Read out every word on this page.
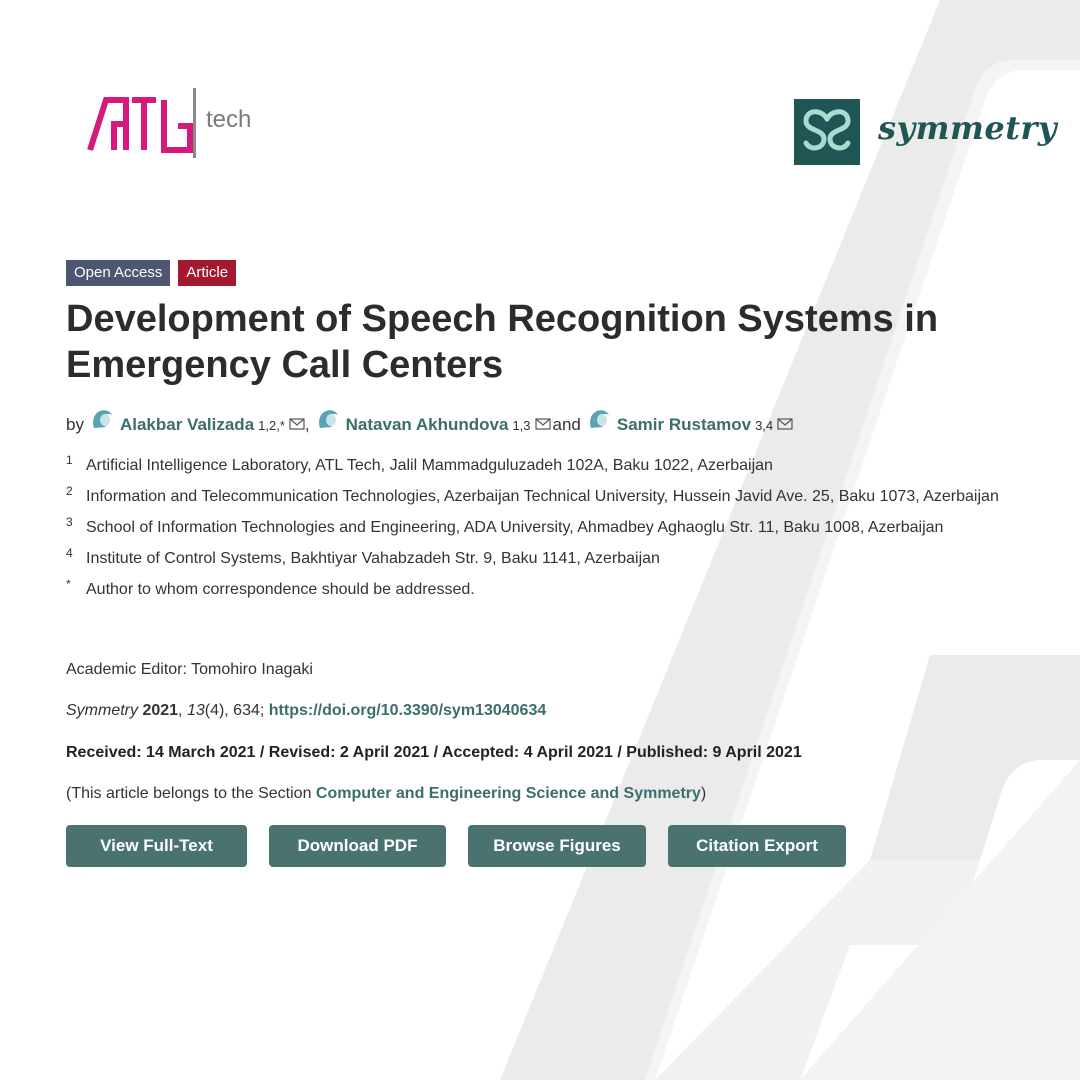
tech	symmetry
Open Access	Article
Development of Speech Recognition Systems in Emergency Call Centers
by Alakbar Valizada 1,2,* , Natavan Akhundova 1,3 and Samir Rustamov 3,4
1 Artificial Intelligence Laboratory, ATL Tech, Jalil Mammadguluzadeh 102A, Baku 1022, Azerbaijan
2 Information and Telecommunication Technologies, Azerbaijan Technical University, Hussein Javid Ave. 25, Baku 1073, Azerbaijan
3 School of Information Technologies and Engineering, ADA University, Ahmadbey Aghaoglu Str. 11, Baku 1008, Azerbaijan
4 Institute of Control Systems, Bakhtiyar Vahabzadeh Str. 9, Baku 1141, Azerbaijan
* Author to whom correspondence should be addressed.
Academic Editor: Tomohiro Inagaki
Symmetry 2021, 13(4), 634; https://doi.org/10.3390/sym13040634
Received: 14 March 2021 / Revised: 2 April 2021 / Accepted: 4 April 2021 / Published: 9 April 2021
(This article belongs to the Section Computer and Engineering Science and Symmetry)
View Full-Text	Download PDF	Browse Figures	Citation Export
